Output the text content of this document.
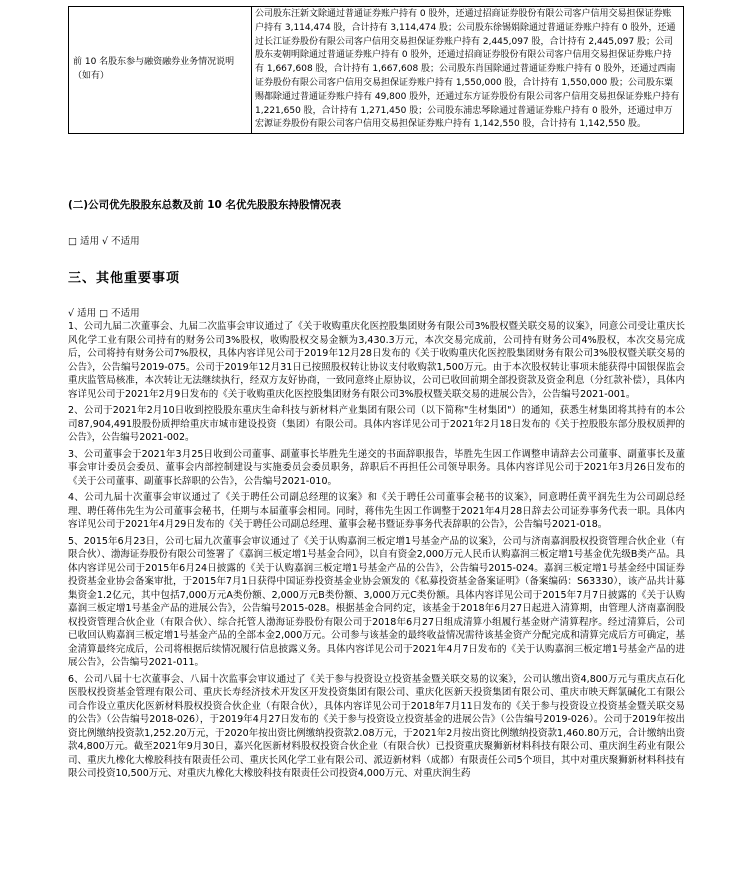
前 10 名股东参与融资融券业务情况说明（如有）	公司股东汪新文除通过普通证券账户持有 0 股外，还通过招商证券股份有限公司客户信用交易担保证券账户持有 3,114,474 股，合计持有 3,114,474 股；公司股东徐锡娟除通过普通证券账户持有 0 股外，还通过长江证券股份有限公司客户信用交易担保证券账户持有 2,445,097 股，合计持有 2,445,097 股；公司股东麦朝明除通过普通证券账户持有 0 股外，还通过招商证券股份有限公司客户信用交易担保证券账户持有 1,667,608 股，合计持有 1,667,608 股；公司股东肖国除通过普通证券账户持有 0 股外，还通过西南证券股份有限公司客户信用交易担保证券账户持有 1,550,000 股，合计持有 1,550,000 股；公司股东粟赐都除通过普通证券账户持有 49,800 股外，还通过东方证券股份有限公司客户信用交易担保证券账户持有 1,221,650 股，合计持有 1,271,450 股；公司股东浦忠琴除通过普通证券账户持有 0 股外，还通过申万宏源证券股份有限公司客户信用交易担保证券账户持有 1,142,550 股，合计持有 1,142,550 股。
(二)公司优先股股东总数及前 10 名优先股股东持股情况表
□ 适用 √ 不适用
三、其他重要事项
√ 适用 □ 不适用

1、公司九届二次董事会、九届二次监事会审议通过了《关于收购重庆化医控股集团财务有限公司3%股权暨关联交易的议案》，同意公司受让重庆长风化学工业有限公司持有的财务公司3%股权，收购股权交易金额为3,430.3万元，本次交易完成前，公司持有财务公司4%股权，本次交易完成后，公司将持有财务公司7%股权，具体内容详见公司于2019年12月28日发布的《关于收购重庆化医控股集团财务有限公司3%股权暨关联交易的公告》，公告编号2019-075。公司于2019年12月31日已按照股权转让协议支付收购款1,500万元。由于本次股权转让事项未能获得中国银保监会重庆监管局核准，本次转让无法继续执行，经双方友好协商，一致同意终止原协议，公司已收回前期全部投资款及资金利息（分红款补偿），具体内容详见公司于2021年2月9日发布的《关于收购重庆化医控股集团财务有限公司3%股权暨关联交易的进展公告》，公告编号2021-001。

2、公司于2021年2月10日收到控股股东重庆生命科技与新材料产业集团有限公司（以下简称"生材集团"）的通知，获悉生材集团将其持有的本公司87,904,491股股份质押给重庆市城市建设投资（集团）有限公司。具体内容详见公司于2021年2月18日发布的《关于控股股东部分股权质押的公告》，公告编号2021-002。

3、公司董事会于2021年3月25日收到公司董事、副董事长毕胜先生递交的书面辞职报告，毕胜先生因工作调整申请辞去公司董事、副董事长及董事会审计委员会委员、董事会内部控制建设与实施委员会委员职务，辞职后不再担任公司领导职务。具体内容详见公司于2021年3月26日发布的《关于公司董事、副董事长辞职的公告》，公告编号2021-010。

4、公司九届十次董事会审议通过了《关于聘任公司副总经理的议案》和《关于聘任公司董事会秘书的议案》，同意聘任黄平润先生为公司副总经理、聘任蒋伟先生为公司董事会秘书，任期与本届董事会相同。同时，蒋伟先生因工作调整于2021年4月28日辞去公司证券事务代表一职。具体内容详见公司于2021年4月29日发布的《关于聘任公司副总经理、董事会秘书暨证券事务代表辞职的公告》，公告编号2021-018。

5、2015年6月23日，公司七届九次董事会审议通过了《关于认购嘉润三板定增1号基金产品的议案》，公司与济南嘉润股权投资管理合伙企业（有限合伙）、渤海证券股份有限公司签署了《嘉润三板定增1号基金合同》，以自有资金2,000万元人民币认购嘉润三板定增1号基金优先级B类产品。具体内容详见公司于2015年6月24日披露的《关于认购嘉润三板定增1号基金产品的公告》，公告编号2015-024。嘉润三板定增1号基金经中国证券投资基金业协会备案审批，于2015年7月1日获得中国证券投资基金业协会颁发的《私募投资基金备案证明》（备案编码：S63330），该产品共计募集资金1.2亿元，其中包括7,000万元A类份额、2,000万元B类份额、3,000万元C类份额。具体内容详见公司于2015年7月7日披露的《关于认购嘉润三板定增1号基金产品的进展公告》，公告编号2015-028。根据基金合同约定，该基金于2018年6月27日起进入清算期，由管理人济南嘉润股权投资管理合伙企业（有限合伙）、综合托管人渤海证券股份有限公司于2018年6月27日组成清算小组履行基金财产清算程序。经过清算后，公司已收回认购嘉润三板定增1号基金产品的全部本金2,000万元。公司参与该基金的最终收益情况需待该基金资产分配完成和清算完成后方可确定，基金清算最终完成后，公司将根据后续情况履行信息披露义务。具体内容详见公司于2021年4月7日发布的《关于认购嘉润三板定增1号基金产品的进展公告》，公告编号2021-011。

6、公司八届十七次董事会、八届十次监事会审议通过了《关于参与投资设立投资基金暨关联交易的议案》，公司认缴出资4,800万元与重庆点石化医股权投资基金管理有限公司、重庆长寿经济技术开发区开发投资集团有限公司、重庆化医新天投资集团有限公司、重庆市映天辉氯碱化工有限公司合作设立重庆化医新材料股权投资合伙企业（有限合伙），具体内容详见公司于2018年7月11日发布的《关于参与投资设立投资基金暨关联交易的公告》（公告编号2018-026），于2019年4月27日发布的《关于参与投资设立投资基金的进展公告》（公告编号2019-026）。公司于2019年按出资比例缴纳投资款1,252.20万元，于2020年按出资比例缴纳投资款2.08万元，于2021年2月按出资比例缴纳投资款1,460.80万元，合计缴纳出资款4,800万元。截至2021年9月30日，嘉兴化医新材料股权投资合伙企业（有限合伙）已投资重庆聚狮新材料科技有限公司、重庆润生药业有限公司、重庆九橡化大橡胶科技有限责任公司、重庆长风化学工业有限公司、派迈新材料（成都）有限责任公司5个项目，其中对重庆聚狮新材料科技有限公司投资10,500万元、对重庆九橡化大橡胶科技有限责任公司投资4,000万元、对重庆润生药
